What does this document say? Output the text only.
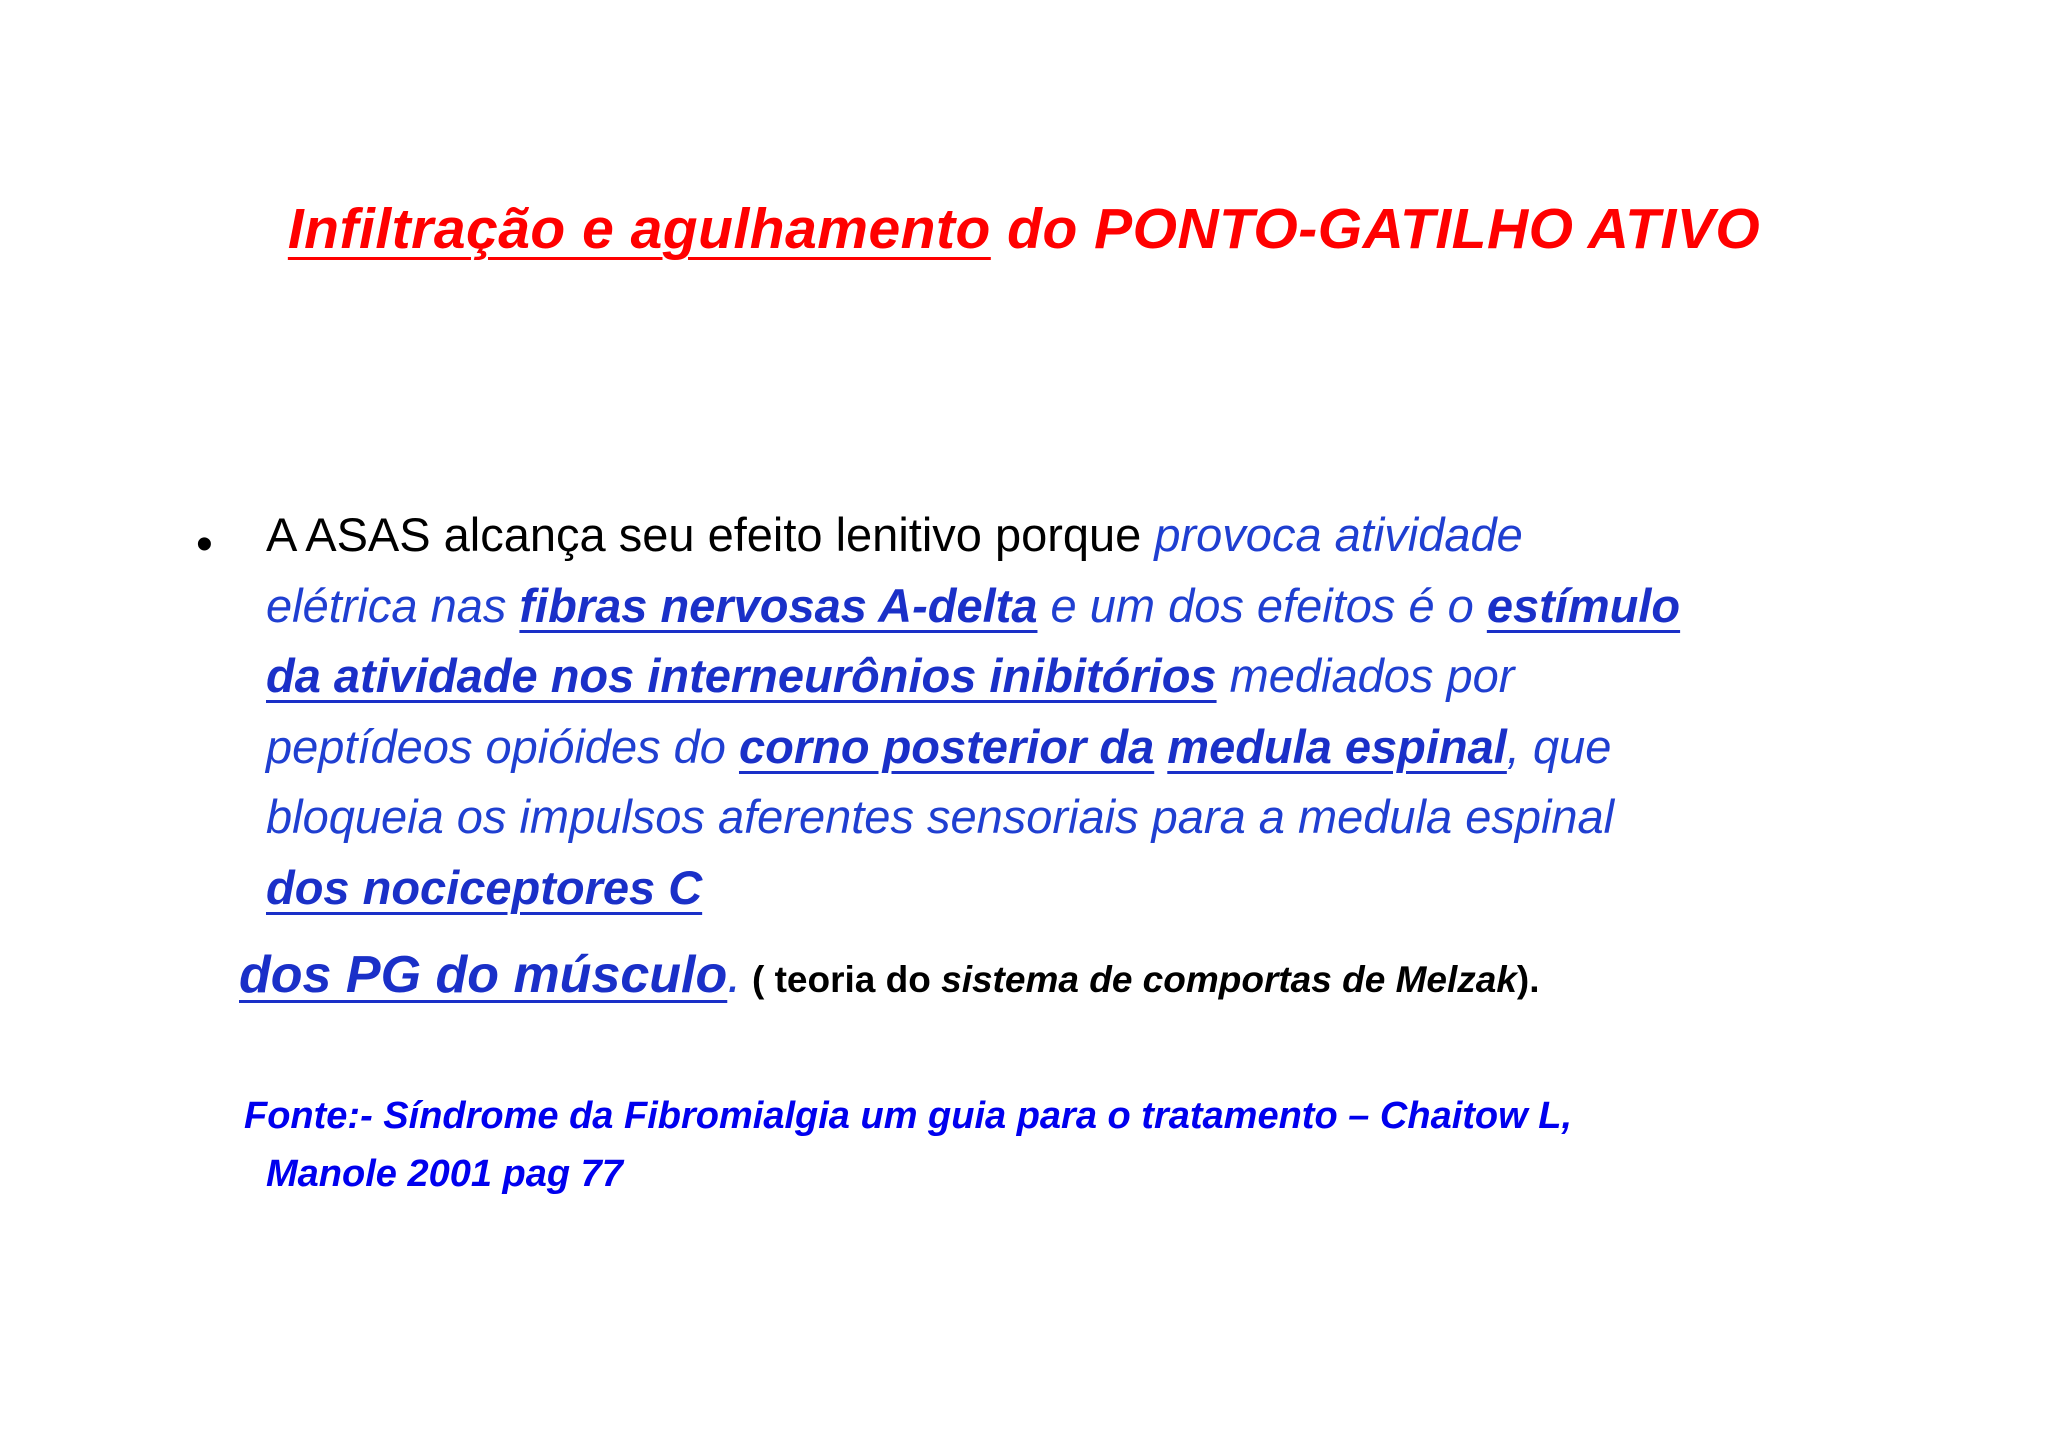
Infiltração e agulhamento do PONTO-GATILHO ATIVO
• A ASAS alcança seu efeito lenitivo porque provoca atividade
elétrica nas fibras nervosas A-delta e um dos efeitos é o estímulo
da atividade nos interneurônios inibitórios mediados por
peptídeos opióides do corno posterior da medula espinal, que
bloqueia os impulsos aferentes sensoriais para a medula espinal
dos nociceptores C
dos PG do músculo. ( teoria do sistema de comportas de Melzak).
Fonte:- Síndrome da Fibromialgia um guia para o tratamento – Chaitow L,
Manole 2001 pag 77
